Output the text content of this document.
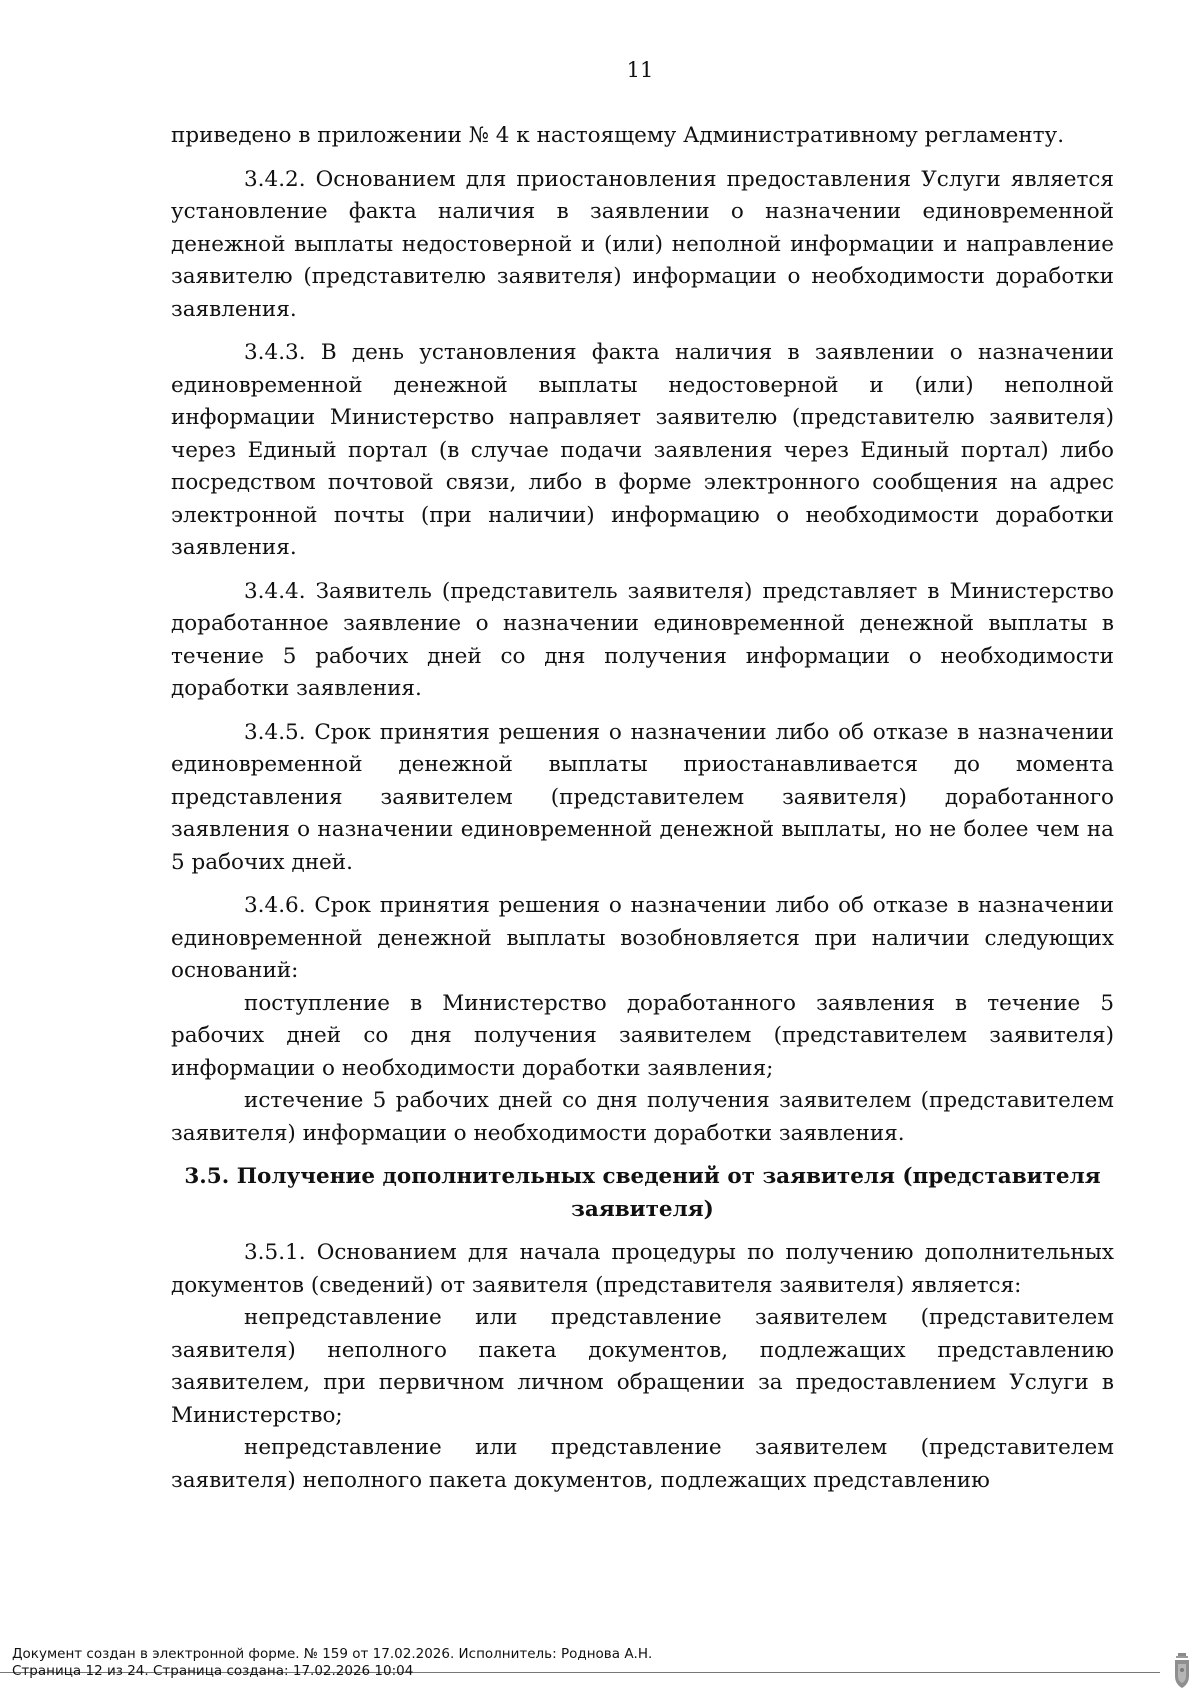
11

приведено в приложении № 4 к настоящему Административному регламенту.

3.4.2. Основанием для приостановления предоставления Услуги является установление факта наличия в заявлении о назначении единовременной денежной выплаты недостоверной и (или) неполной информации и направление заявителю (представителю заявителя) информации о необходимости доработки заявления.

3.4.3. В день установления факта наличия в заявлении о назначении единовременной денежной выплаты недостоверной и (или) неполной информации Министерство направляет заявителю (представителю заявителя) через Единый портал (в случае подачи заявления через Единый портал) либо посредством почтовой связи, либо в форме электронного сообщения на адрес электронной почты (при наличии) информацию о необходимости доработки заявления.

3.4.4. Заявитель (представитель заявителя) представляет в Министерство доработанное заявление о назначении единовременной денежной выплаты в течение 5 рабочих дней со дня получения информации о необходимости доработки заявления.

3.4.5. Срок принятия решения о назначении либо об отказе в назначении единовременной денежной выплаты приостанавливается до момента представления заявителем (представителем заявителя) доработанного заявления о назначении единовременной денежной выплаты, но не более чем на 5 рабочих дней.

3.4.6. Срок принятия решения о назначении либо об отказе в назначении единовременной денежной выплаты возобновляется при наличии следующих оснований:

поступление в Министерство доработанного заявления в течение 5 рабочих дней со дня получения заявителем (представителем заявителя) информации о необходимости доработки заявления;

истечение 5 рабочих дней со дня получения заявителем (представителем заявителя) информации о необходимости доработки заявления.

3.5. Получение дополнительных сведений от заявителя (представителя заявителя)

3.5.1. Основанием для начала процедуры по получению дополнительных документов (сведений) от заявителя (представителя заявителя) является:

непредставление или представление заявителем (представителем заявителя) неполного пакета документов, подлежащих представлению заявителем, при первичном личном обращении за предоставлением Услуги в Министерство;

непредставление или представление заявителем (представителем заявителя) неполного пакета документов, подлежащих представлению

Документ создан в электронной форме. № 159 от 17.02.2026. Исполнитель: Роднова А.Н.
Страница 12 из 24. Страница создана: 17.02.2026 10:04
